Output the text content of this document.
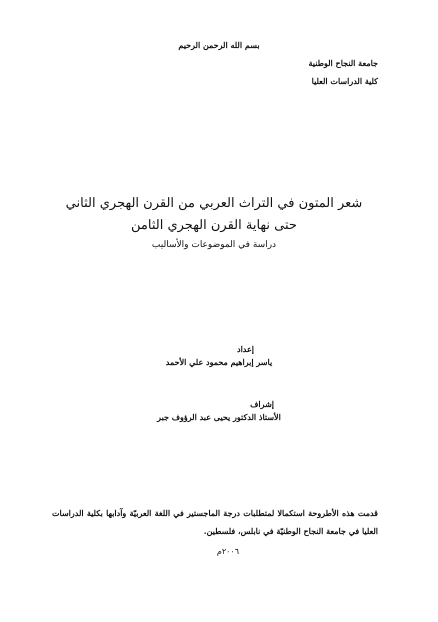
بسم الله الرحمن الرحيم
جامعة النجاح الوطنية
كلية الدراسات العليا
شعر المتون في التراث العربي من القرن الهجري الثاني
حتى نهاية القرن الهجري الثامن
دراسة في الموضوعات والأساليب
إعداد
ياسر إبراهيم محمود علي الأحمد
إشراف
الأستاذ الدكتور يحيى عبد الرؤوف جبر
قدمت هذه الأطروحة استكمالا لمتطلبات درجة الماجستير في اللغة العربيّة وآدابها بكلية الدراسات العليا في جامعة النجاح الوطنيّة في نابلس، فلسطين.
٢٠٠٦م
